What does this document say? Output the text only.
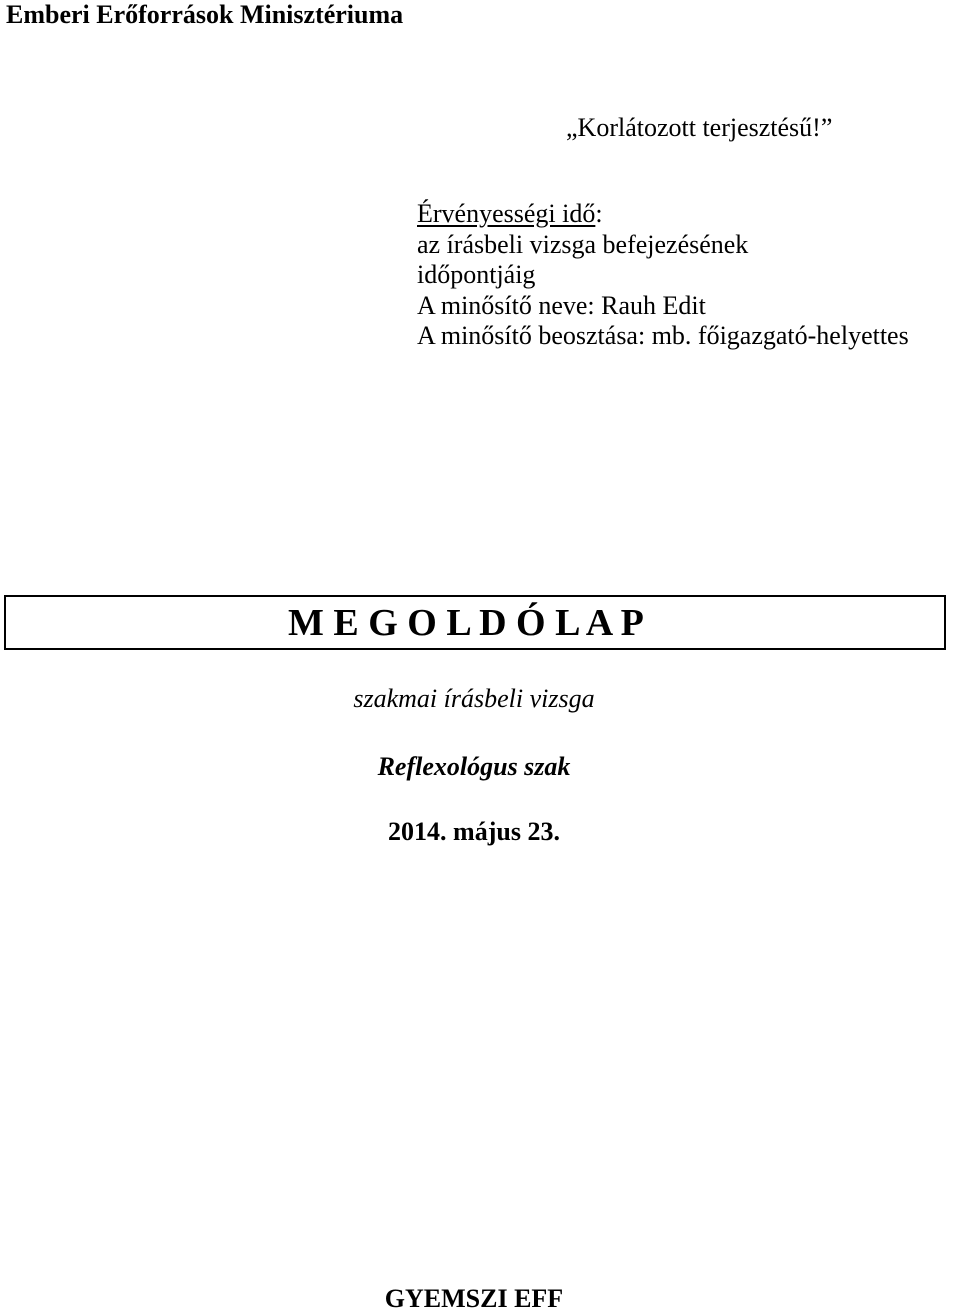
Emberi Erőforrások Minisztériuma
„Korlátozott terjesztésű!”
Érvényességi idő:
az írásbeli vizsga befejezésének
időpontjáig
A minősítő neve: Rauh Edit
A minősítő beosztása: mb. főigazgató-helyettes
M E G O L D Ó L A P
szakmai írásbeli vizsga
Reflexológus szak
2014. május 23.
GYEMSZI EFF
